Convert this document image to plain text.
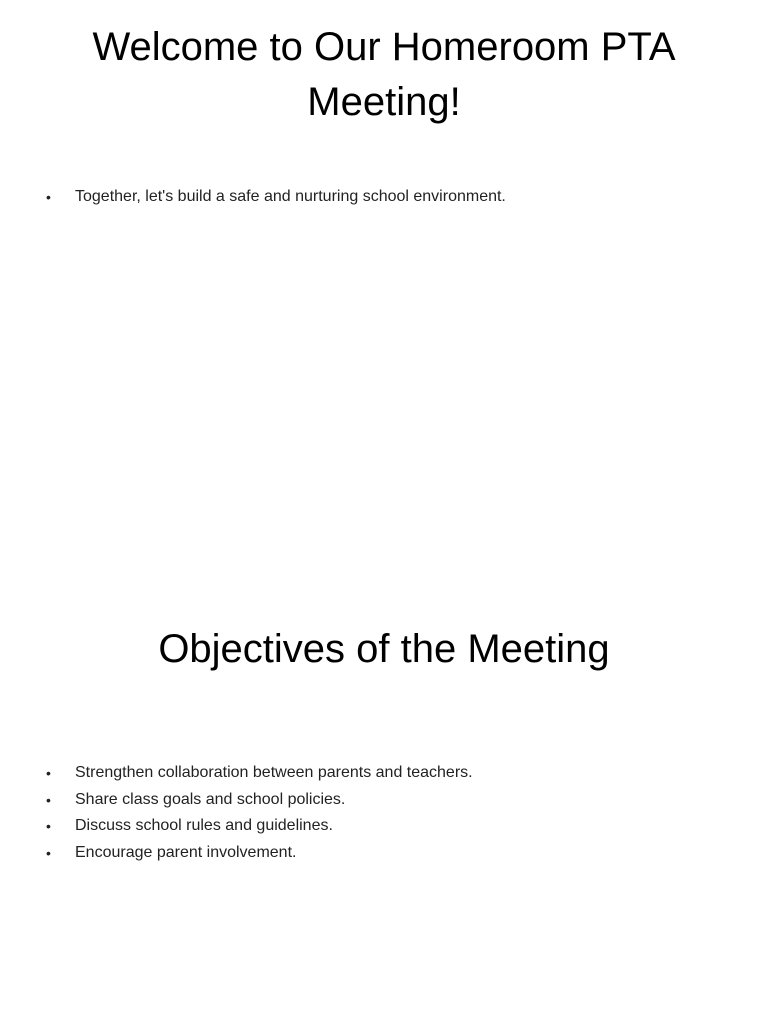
Welcome to Our Homeroom PTA Meeting!
• Together, let's build a safe and nurturing school environment.
Objectives of the Meeting
• Strengthen collaboration between parents and teachers.
• Share class goals and school policies.
• Discuss school rules and guidelines.
• Encourage parent involvement.
